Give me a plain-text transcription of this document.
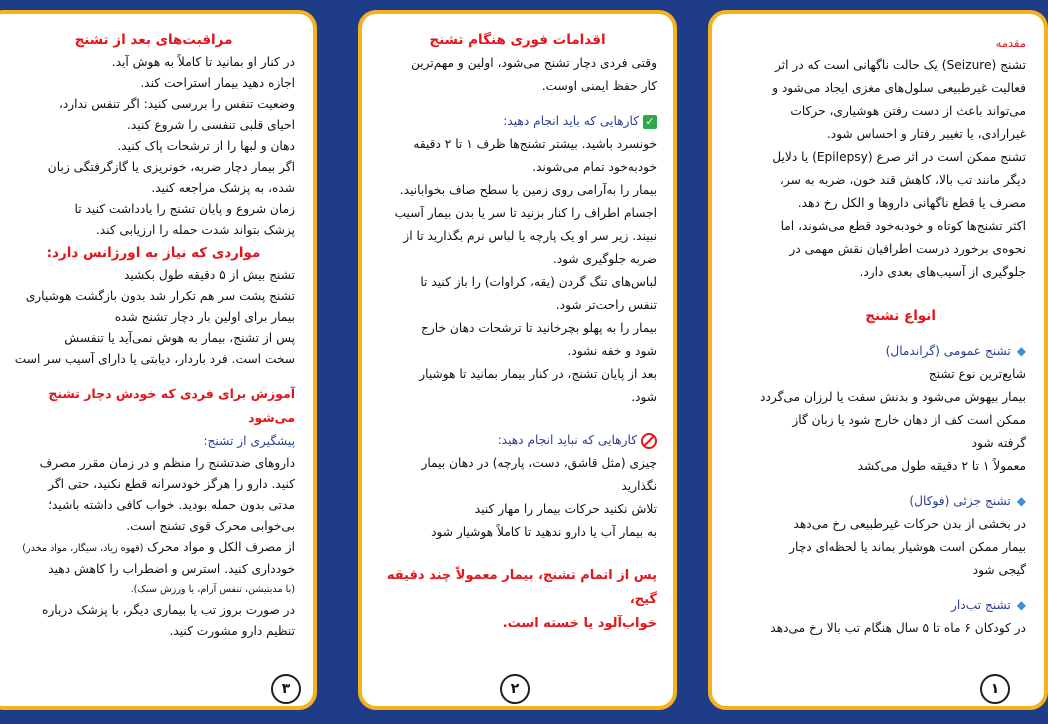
مراقبت‌های بعد از تشنج

در کنار او بمانید تا کاملاً به هوش آید.

اجازه دهید بیمار استراحت کند.

وضعیت تنفس را بررسی کنید: اگر تنفس ندارد،

احیای قلبی تنفسی را شروع کنید.

دهان و لبها را از ترشحات پاک کنید.

اگر بیمار دچار ضربه، خونریزی یا گازگرفتگی زبان

شده، به پزشک مراجعه کنید.

زمان شروع و پایان تشنج را یادداشت کنید تا

پزشک بتواند شدت حمله را ارزیابی کند.

مواردی که نیاز به اورژانس دارد:

تشنج بیش از ۵ دقیقه طول بکشید

تشنج پشت سر هم تکرار شد بدون بازگشت هوشیاری

بیمار برای اولین بار دچار تشنج شده

پس از تشنج، بیمار به هوش نمی‌آید یا تنفسش

سخت است. فرد باردار، دیابتی یا دارای آسیب سر است

آموزش برای فردی که خودش دچار تشنج می‌شود

پیشگیری از تشنج:

داروهای ضدتشنج را منظم و در زمان مقرر مصرف

کنید. دارو را هرگز خودسرانه قطع نکنید، حتی اگر

مدتی بدون حمله بودید. خواب کافی داشته باشید؛

بی‌خوابی محرک قوی تشنج است.

از مصرف الکل و مواد محرک (قهوه زیاد، سیگار، مواد مخدر)

خودداری کنید. استرس و اضطراب را کاهش دهید

(با مدیتیشن، تنفس آرام، یا ورزش سبک).

در صورت بروز تب یا بیماری دیگر، با پزشک درباره

تنظیم دارو مشورت کنید.

۳

اقدامات فوری هنگام تشنج

وقتی فردی دچار تشنج می‌شود، اولین و مهم‌ترین

کار حفظ ایمنی اوست.

✓کارهایی که باید انجام دهید:

خونسرد باشید. بیشتر تشنج‌ها ظرف ۱ تا ۲ دقیقه

خودبه‌خود تمام می‌شوند.

بیمار را به‌آرامی روی زمین یا سطح صاف بخوابانید.

اجسام اطراف را کنار بزنید تا سر یا بدن بیمار آسیب

نبیند. زیر سر او یک پارچه یا لباس نرم بگذارید تا از

ضربه جلوگیری شود.

لباس‌های تنگ گردن (یقه، کراوات) را باز کنید تا

تنفس راحت‌تر شود.

بیمار را به پهلو بچرخانید تا ترشحات دهان خارج

شود و خفه نشود.

بعد از پایان تشنج، در کنار بیمار بمانید تا هوشیار

شود.

کارهایی که نباید انجام دهید:

چیزی (مثل قاشق، دست، پارچه) در دهان بیمار

نگذارید

تلاش نکنید حرکات بیمار را مهار کنید

به بیمار آب یا دارو ندهید تا کاملاً هوشیار شود

پس از اتمام تشنج، بیمار معمولاً چند دقیقه گیج،

خواب‌آلود یا خسته است.

۲

مقدمه

تشنج (Seizure) یک حالت ناگهانی است که در اثر

فعالیت غیرطبیعی سلول‌های مغزی ایجاد می‌شود و

می‌تواند باعث از دست رفتن هوشیاری، حرکات

غیرارادی، یا تغییر رفتار و احساس شود.

تشنج ممکن است در اثر صرع (Epilepsy) یا دلایل

دیگر مانند تب بالا، کاهش قند خون، ضربه به سر،

مصرف یا قطع ناگهانی داروها و الکل رخ دهد.

اکثر تشنج‌ها کوتاه و خودبه‌خود قطع می‌شوند، اما

نحوه‌ی برخورد درست اطرافیان نقش مهمی در

جلوگیری از آسیب‌های بعدی دارد.

انواع تشنج

◆تشنج عمومی (گراندمال)

شایع‌ترین نوع تشنج

بیمار بیهوش می‌شود و بدنش سفت یا لرزان می‌گردد

ممکن است کف از دهان خارج شود یا زبان گاز

گرفته شود

معمولاً ۱ تا ۲ دقیقه طول می‌کشد

◆تشنج جزئی (فوکال)

در بخشی از بدن حرکات غیرطبیعی رخ می‌دهد

بیمار ممکن است هوشیار بماند یا لحظه‌ای دچار

گیجی شود

◆تشنج تب‌دار

در کودکان ۶ ماه تا ۵ سال هنگام تب بالا رخ می‌دهد

۱
